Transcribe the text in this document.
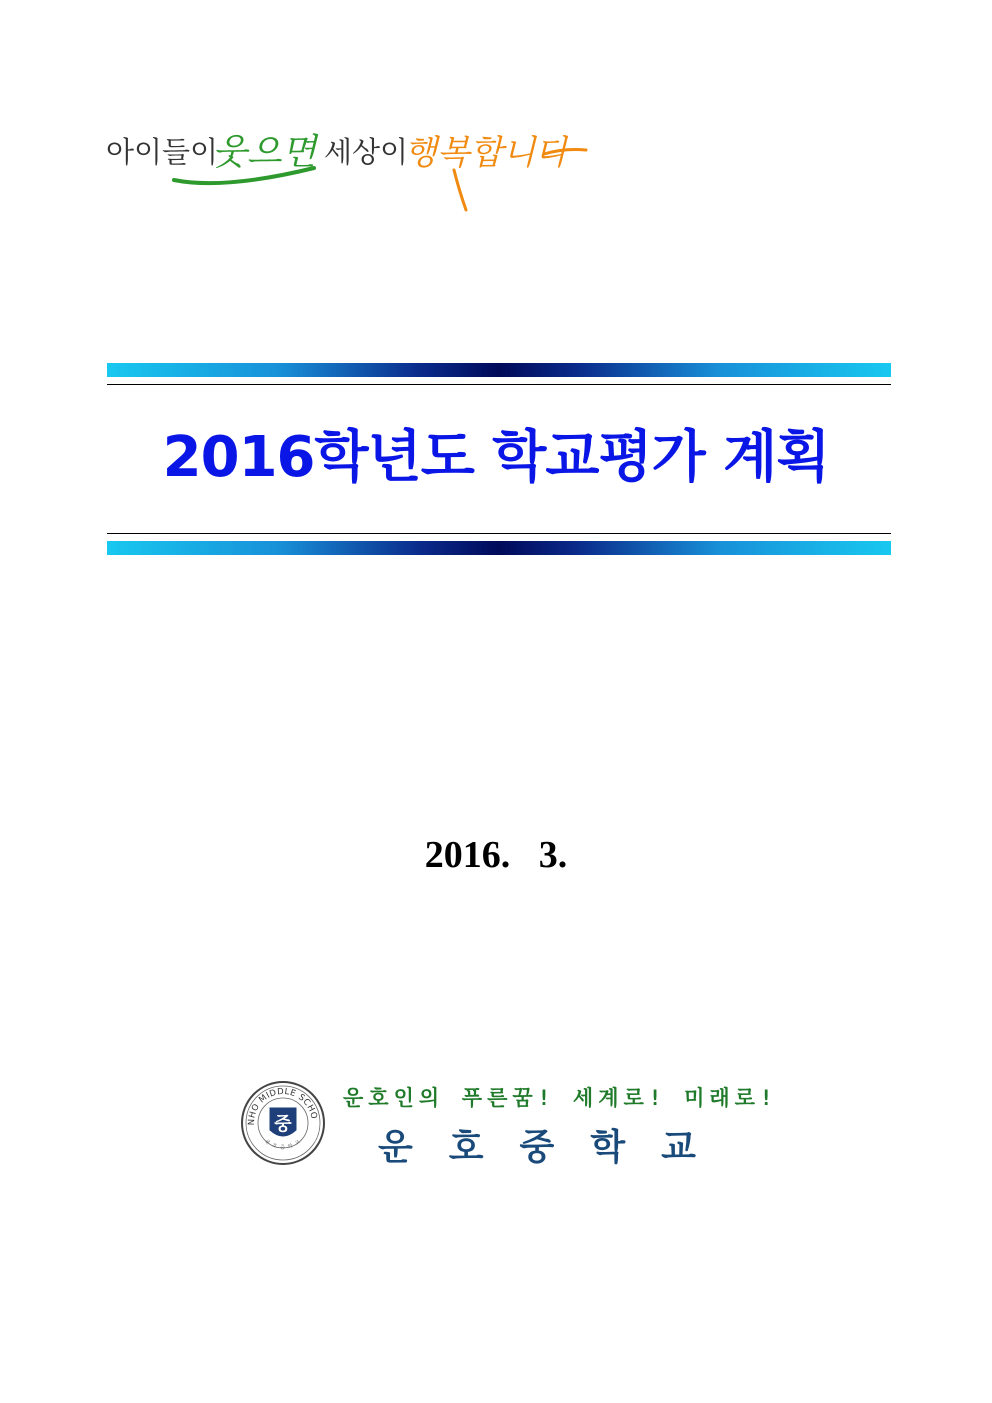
아이들이
웃으면 세상이
행복합니다
2016학년도 학교평가 계획
2016.   3.
NHO MIDDLE SCHO
운 호 중 학 교
중
운호인의 푸른꿈! 세계로! 미래로!
운호중학교
